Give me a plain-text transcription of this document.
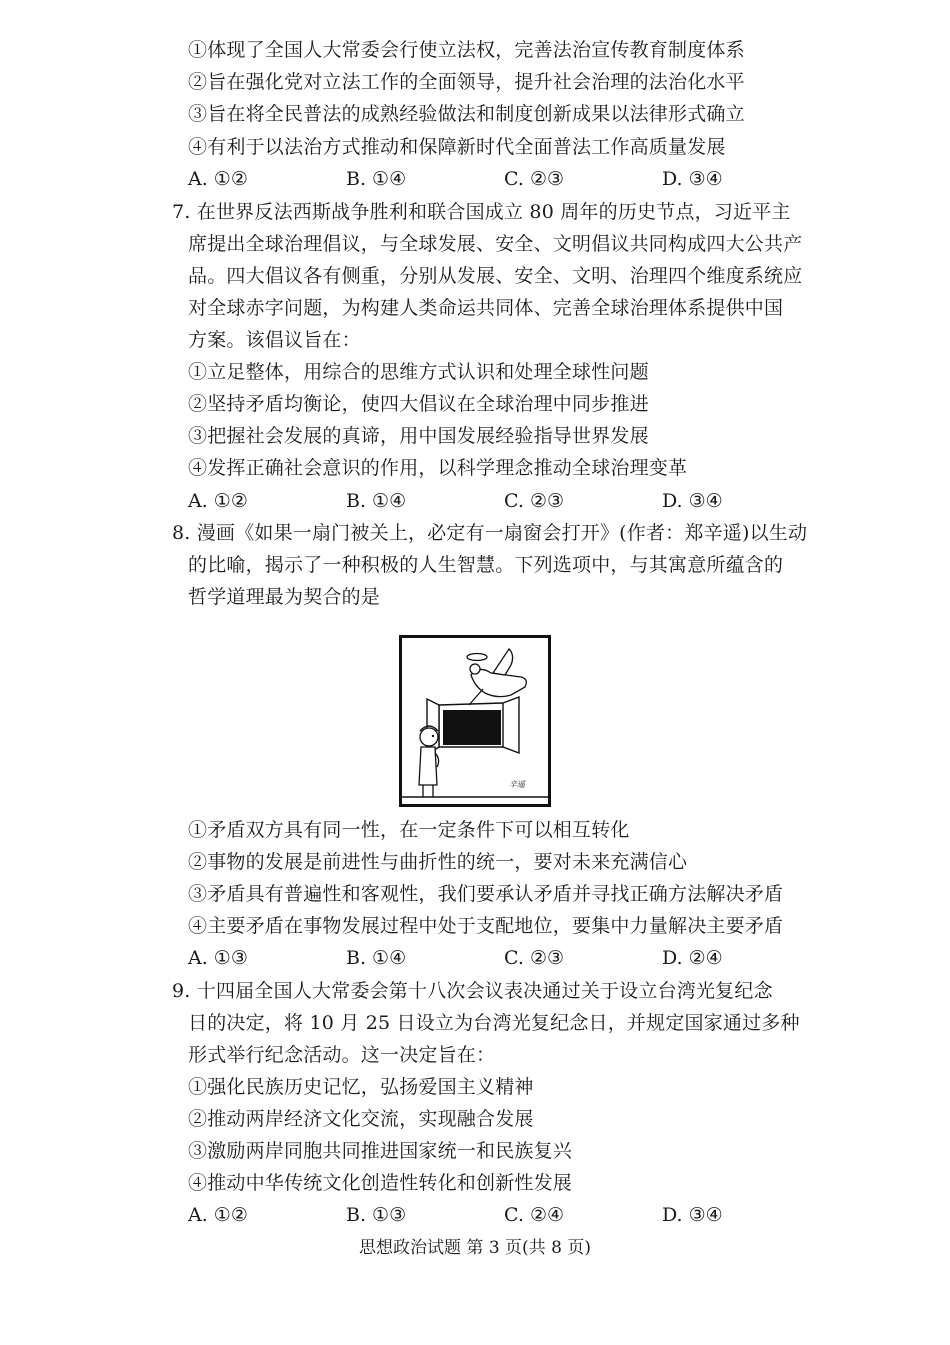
①体现了全国人大常委会行使立法权，完善法治宣传教育制度体系
②旨在强化党对立法工作的全面领导，提升社会治理的法治化水平
③旨在将全民普法的成熟经验做法和制度创新成果以法律形式确立
④有利于以法治方式推动和保障新时代全面普法工作高质量发展
A. ①②	B. ①④	C. ②③	D. ③④
7. 在世界反法西斯战争胜利和联合国成立 80 周年的历史节点，习近平主
席提出全球治理倡议，与全球发展、安全、文明倡议共同构成四大公共产
品。四大倡议各有侧重，分别从发展、安全、文明、治理四个维度系统应
对全球赤字问题，为构建人类命运共同体、完善全球治理体系提供中国
方案。该倡议旨在：
①立足整体，用综合的思维方式认识和处理全球性问题
②坚持矛盾均衡论，使四大倡议在全球治理中同步推进
③把握社会发展的真谛，用中国发展经验指导世界发展
④发挥正确社会意识的作用，以科学理念推动全球治理变革
A. ①②	B. ①④	C. ②③	D. ③④
8. 漫画《如果一扇门被关上，必定有一扇窗会打开》(作者：郑辛遥)以生动
的比喻，揭示了一种积极的人生智慧。下列选项中，与其寓意所蕴含的
哲学道理最为契合的是
辛遥
①矛盾双方具有同一性，在一定条件下可以相互转化
②事物的发展是前进性与曲折性的统一，要对未来充满信心
③矛盾具有普遍性和客观性，我们要承认矛盾并寻找正确方法解决矛盾
④主要矛盾在事物发展过程中处于支配地位，要集中力量解决主要矛盾
A. ①③	B. ①④	C. ②③	D. ②④
9. 十四届全国人大常委会第十八次会议表决通过关于设立台湾光复纪念
日的决定，将 10 月 25 日设立为台湾光复纪念日，并规定国家通过多种
形式举行纪念活动。这一决定旨在：
①强化民族历史记忆，弘扬爱国主义精神
②推动两岸经济文化交流，实现融合发展
③激励两岸同胞共同推进国家统一和民族复兴
④推动中华传统文化创造性转化和创新性发展
A. ①②	B. ①③	C. ②④	D. ③④
思想政治试题 第 3 页(共 8 页)
